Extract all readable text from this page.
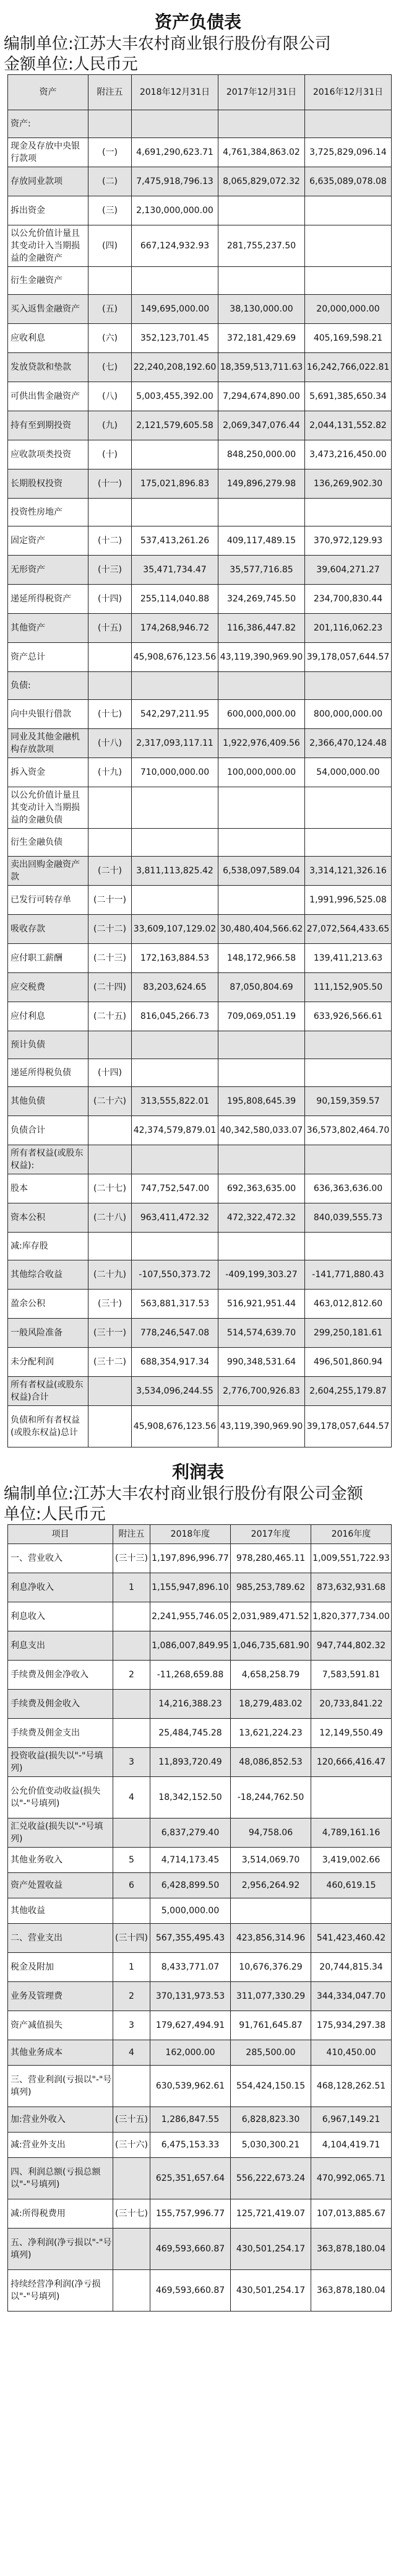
资产负债表
编制单位:江苏大丰农村商业银行股份有限公司
金额单位:人民币元
资产	附注五	2018年12月31日	2017年12月31日	2016年12月31日
资产:				
现金及存放中央银行款项	(一)	4,691,290,623.71	4,761,384,863.02	3,725,829,096.14
存放同业款项	(二)	7,475,918,796.13	8,065,829,072.32	6,635,089,078.08
拆出资金	(三)	2,130,000,000.00		
以公允价值计量且其变动计入当期损益的金融资产	(四)	667,124,932.93	281,755,237.50	
衍生金融资产				
买入返售金融资产	(五)	149,695,000.00	38,130,000.00	20,000,000.00
应收利息	(六)	352,123,701.45	372,181,429.69	405,169,598.21
发放贷款和垫款	(七)	22,240,208,192.60	18,359,513,711.63	16,242,766,022.81
可供出售金融资产	(八)	5,003,455,392.00	7,294,674,890.00	5,691,385,650.34
持有至到期投资	(九)	2,121,579,605.58	2,069,347,076.44	2,044,131,552.82
应收款项类投资	(十)		848,250,000.00	3,473,216,450.00
长期股权投资	(十一)	175,021,896.83	149,896,279.98	136,269,902.30
投资性房地产				
固定资产	(十二)	537,413,261.26	409,117,489.15	370,972,129.93
无形资产	(十三)	35,471,734.47	35,577,716.85	39,604,271.27
递延所得税资产	(十四)	255,114,040.88	324,269,745.50	234,700,830.44
其他资产	(十五)	174,268,946.72	116,386,447.82	201,116,062.23
资产总计		45,908,676,123.56	43,119,390,969.90	39,178,057,644.57
负债:				
向中央银行借款	(十七)	542,297,211.95	600,000,000.00	800,000,000.00
同业及其他金融机构存放款项	(十八)	2,317,093,117.11	1,922,976,409.56	2,366,470,124.48
拆入资金	(十九)	710,000,000.00	100,000,000.00	54,000,000.00
以公允价值计量且其变动计入当期损益的金融负债				
衍生金融负债				
卖出回购金融资产款	(二十)	3,811,113,825.42	6,538,097,589.04	3,314,121,326.16
已发行可转存单	(二十一)			1,991,996,525.08
吸收存款	(二十二)	33,609,107,129.02	30,480,404,566.62	27,072,564,433.65
应付职工薪酬	(二十三)	172,163,884.53	148,172,966.58	139,411,213.63
应交税费	(二十四)	83,203,624.65	87,050,804.69	111,152,905.50
应付利息	(二十五)	816,045,266.73	709,069,051.19	633,926,566.61
预计负债				
递延所得税负债	(十四)			
其他负债	(二十六)	313,555,822.01	195,808,645.39	90,159,359.57
负债合计		42,374,579,879.01	40,342,580,033.07	36,573,802,464.70
所有者权益(或股东权益):				
股本	(二十七)	747,752,547.00	692,363,635.00	636,363,636.00
资本公积	(二十八)	963,411,472.32	472,322,472.32	840,039,555.73
减:库存股				
其他综合收益	(二十九)	-107,550,373.72	-409,199,303.27	-141,771,880.43
盈余公积	(三十)	563,881,317.53	516,921,951.44	463,012,812.60
一般风险准备	(三十一)	778,246,547.08	514,574,639.70	299,250,181.61
未分配利润	(三十二)	688,354,917.34	990,348,531.64	496,501,860.94
所有者权益(或股东权益)合计		3,534,096,244.55	2,776,700,926.83	2,604,255,179.87
负债和所有者权益(或股东权益)总计		45,908,676,123.56	43,119,390,969.90	39,178,057,644.57
利润表
编制单位:江苏大丰农村商业银行股份有限公司金额
单位:人民币元
项目	附注五	2018年度	2017年度	2016年度
一、营业收入	(三十三)	1,197,896,996.77	978,280,465.11	1,009,551,722.93
利息净收入	1	1,155,947,896.10	985,253,789.62	873,632,931.68
利息收入		2,241,955,746.05	2,031,989,471.52	1,820,377,734.00
利息支出		1,086,007,849.95	1,046,735,681.90	947,744,802.32
手续费及佣金净收入	2	-11,268,659.88	4,658,258.79	7,583,591.81
手续费及佣金收入		14,216,388.23	18,279,483.02	20,733,841.22
手续费及佣金支出		25,484,745.28	13,621,224.23	12,149,550.49
投资收益(损失以"-"号填列)	3	11,893,720.49	48,086,852.53	120,666,416.47
公允价值变动收益(损失以"-"号填列)	4	18,342,152.50	-18,244,762.50	
汇兑收益(损失以"-"号填列)		6,837,279.40	94,758.06	4,789,161.16
其他业务收入	5	4,714,173.45	3,514,069.70	3,419,002.66
资产处置收益	6	6,428,899.50	2,956,264.92	460,619.15
其他收益		5,000,000.00		
二、营业支出	(三十四)	567,355,495.43	423,856,314.96	541,423,460.42
税金及附加	1	8,433,771.07	10,676,376.29	20,744,815.34
业务及管理费	2	370,131,973.53	311,077,330.29	344,334,047.70
资产减值损失	3	179,627,494.91	91,761,645.87	175,934,297.38
其他业务成本	4	162,000.00	285,500.00	410,450.00
三、营业利润(亏损以"-"号填列)		630,539,962.61	554,424,150.15	468,128,262.51
加:营业外收入	(三十五)	1,286,847.55	6,828,823.30	6,967,149.21
减:营业外支出	(三十六)	6,475,153.33	5,030,300.21	4,104,419.71
四、利润总额(亏损总额以"-"号填列)		625,351,657.64	556,222,673.24	470,992,065.71
减:所得税费用	(三十七)	155,757,996.77	125,721,419.07	107,013,885.67
五、净利润(净亏损以"-"号填列)		469,593,660.87	430,501,254.17	363,878,180.04
持续经营净利润(净亏损以"-"号填列)		469,593,660.87	430,501,254.17	363,878,180.04
